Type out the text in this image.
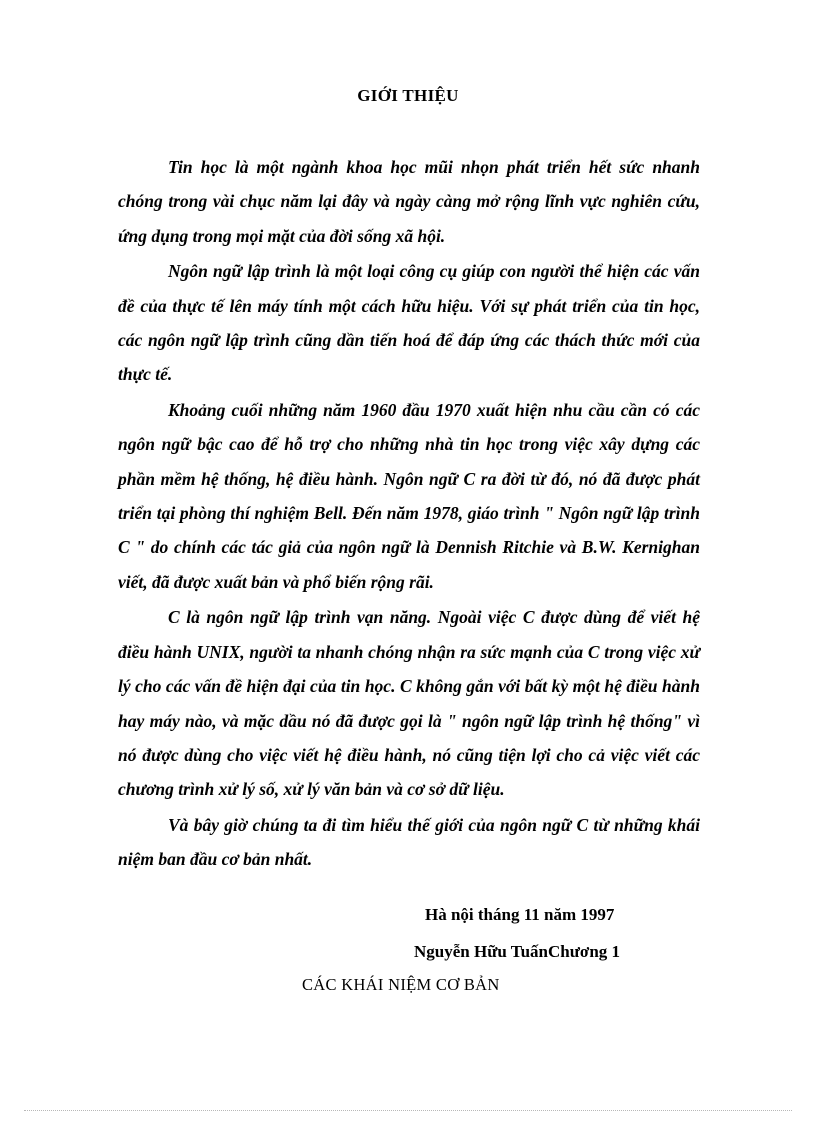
GIỚI THIỆU

Tin học là một ngành khoa học mũi nhọn phát triển hết sức nhanh chóng trong vài chục năm lại đây và ngày càng mở rộng lĩnh vực nghiên cứu, ứng dụng trong mọi mặt của đời sống xã hội.

Ngôn ngữ lập trình là một loại công cụ giúp con người thể hiện các vấn đề của thực tế lên máy tính một cách hữu hiệu. Với sự phát triển của tin học, các ngôn ngữ lập trình cũng dần tiến hoá để đáp ứng các thách thức mới của thực tế.

Khoảng cuối những năm 1960 đầu 1970 xuất hiện nhu cầu cần có các ngôn ngữ bậc cao để hỗ trợ cho những nhà tin học trong việc xây dựng các phần mềm hệ thống, hệ điều hành. Ngôn ngữ C ra đời từ đó, nó đã được phát triển tại phòng thí nghiệm Bell. Đến năm 1978, giáo trình " Ngôn ngữ lập trình C " do chính các tác giả của ngôn ngữ là Dennish Ritchie và B.W. Kernighan viết, đã được xuất bản và phổ biến rộng rãi.

C là ngôn ngữ lập trình vạn năng. Ngoài việc C được dùng để viết hệ điều hành UNIX, người ta nhanh chóng nhận ra sức mạnh của C trong việc xử lý cho các vấn đề hiện đại của tin học. C không gắn với bất kỳ một hệ điều hành hay máy nào, và mặc dầu nó đã được gọi là " ngôn ngữ lập trình hệ thống" vì nó được dùng cho việc viết hệ điều hành, nó cũng tiện lợi cho cả việc viết các chương trình xử lý số, xử lý văn bản và cơ sở dữ liệu.

Và bây giờ chúng ta đi tìm hiểu thế giới của ngôn ngữ C từ những khái niệm ban đầu cơ bản nhất.

Hà nội tháng 11 năm 1997
Nguyễn Hữu TuấnChương 1
CÁC KHÁI NIỆM CƠ BẢN
